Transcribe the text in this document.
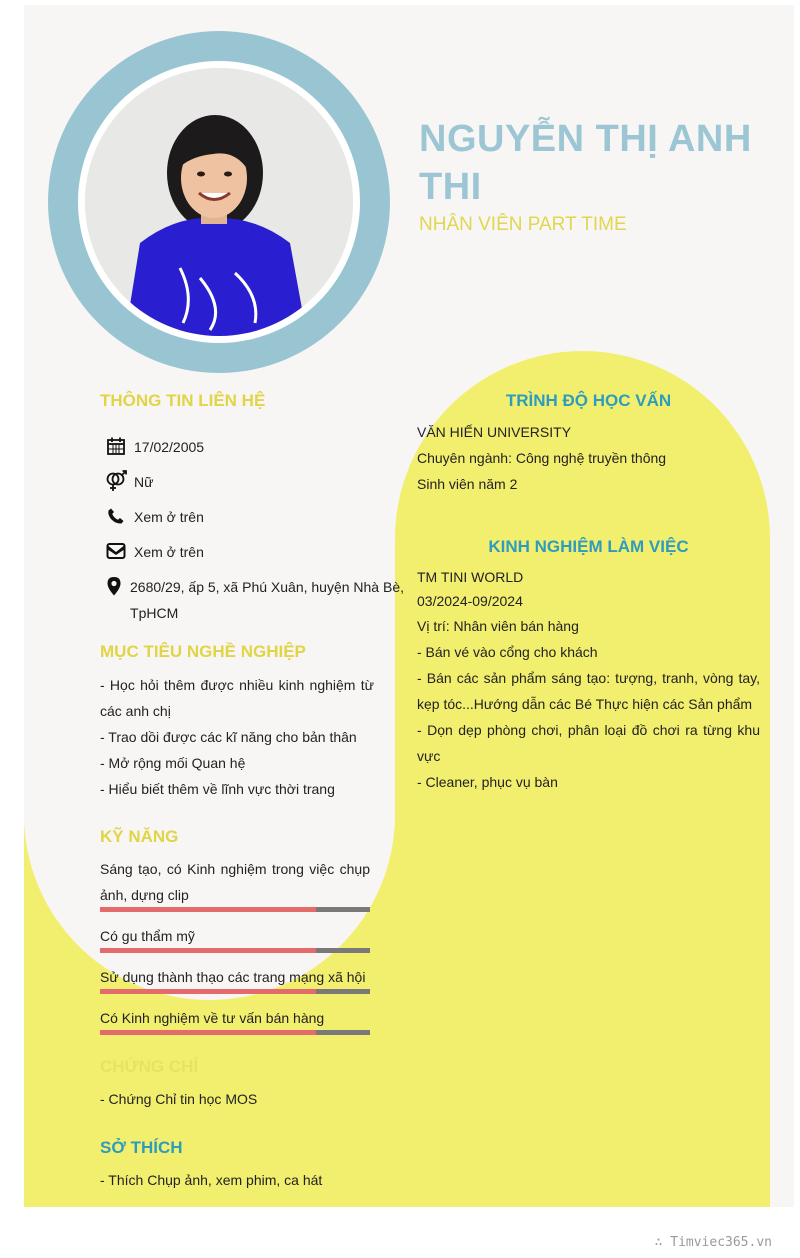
NGUYỄN THỊ ANH THI
NHÂN VIÊN PART TIME
THÔNG TIN LIÊN HỆ
17/02/2005
Nữ
Xem ở trên
Xem ở trên
2680/29, ấp 5, xã Phú Xuân, huyện Nhà Bè,
TpHCM
MỤC TIÊU NGHỀ NGHIỆP
- Học hỏi thêm được nhiều kinh nghiệm từ các anh chị
- Trao dồi được các kĩ năng cho bản thân
- Mở rộng mối Quan hệ
- Hiểu biết thêm về lĩnh vực thời trang
KỸ NĂNG
Sáng tạo, có Kinh nghiệm trong việc chụp ảnh, dựng clip
Có gu thẩm mỹ
Sử dụng thành thạo các trang mạng xã hội
Có Kinh nghiệm về tư vấn bán hàng
CHỨNG CHỈ
- Chứng Chỉ tin học MOS
SỞ THÍCH
- Thích Chụp ảnh, xem phim, ca hát
TRÌNH ĐỘ HỌC VẤN
VĂN HIẾN UNIVERSITY
Chuyên ngành: Công nghệ truyền thông
Sinh viên năm 2
KINH NGHIỆM LÀM VIỆC
TM TINI WORLD
03/2024-09/2024
Vị trí: Nhân viên bán hàng
- Bán vé vào cổng cho khách
- Bán các sản phẩm sáng tạo: tượng, tranh, vòng tay, kẹp tóc...Hướng dẫn các Bé Thực hiện các Sản phẩm
- Dọn dẹp phòng chơi, phân loại đồ chơi ra từng khu vực
- Cleaner, phục vụ bàn
∴ Timviec365.vn
